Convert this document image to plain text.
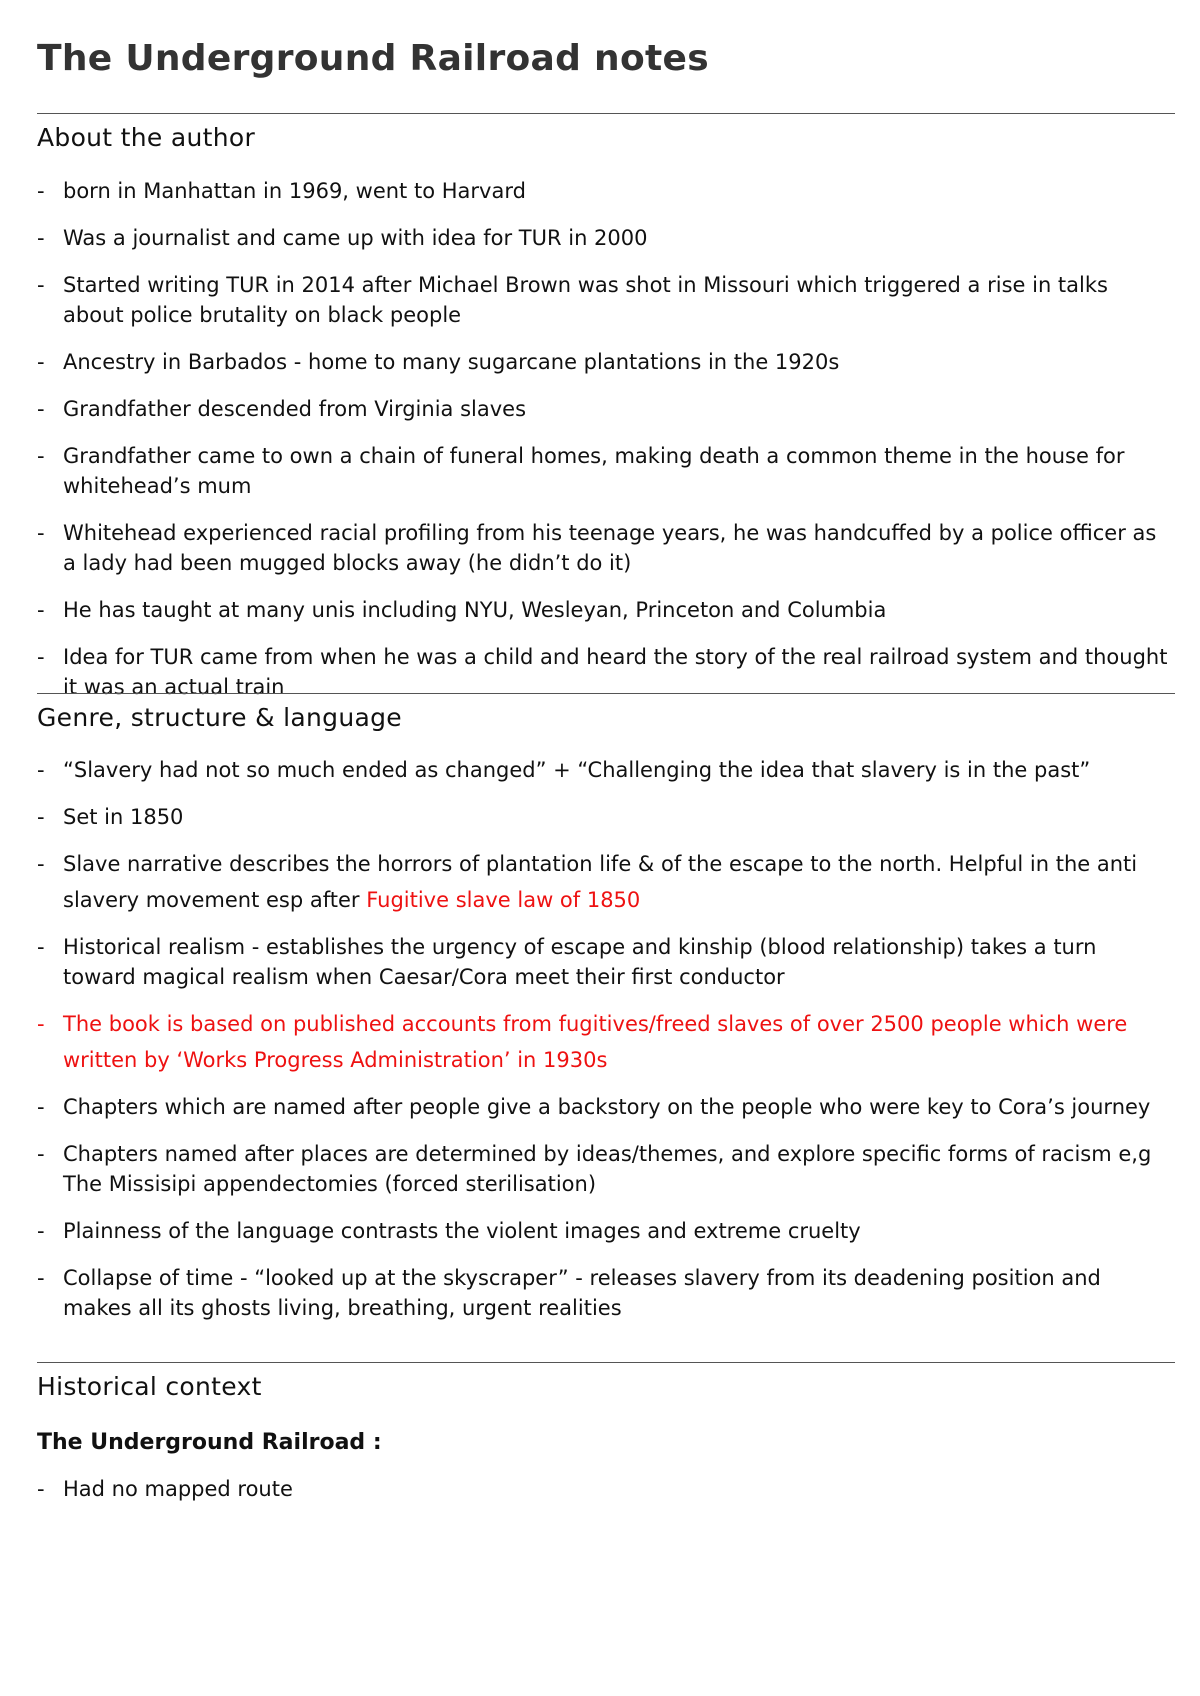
The Underground Railroad notes
About the author
- born in Manhattan in 1969, went to Harvard
- Was a journalist and came up with idea for TUR in 2000
- Started writing TUR in 2014 after Michael Brown was shot in Missouri which triggered a rise in talks about police brutality on black people
- Ancestry in Barbados - home to many sugarcane plantations in the 1920s
- Grandfather descended from Virginia slaves
- Grandfather came to own a chain of funeral homes, making death a common theme in the house for whitehead’s mum
- Whitehead experienced racial profiling from his teenage years, he was handcuffed by a police officer as a lady had been mugged blocks away (he didn’t do it)
- He has taught at many unis including NYU, Wesleyan, Princeton and Columbia
- Idea for TUR came from when he was a child and heard the story of the real railroad system and thought it was an actual train
Genre, structure & language
- “Slavery had not so much ended as changed” + “Challenging the idea that slavery is in the past”
- Set in 1850
- Slave narrative describes the horrors of plantation life & of the escape to the north. Helpful in the anti slavery movement esp after Fugitive slave law of 1850
- Historical realism - establishes the urgency of escape and kinship (blood relationship) takes a turn toward magical realism when Caesar/Cora meet their first conductor
- The book is based on published accounts from fugitives/freed slaves of over 2500 people which were written by ‘Works Progress Administration’ in 1930s
- Chapters which are named after people give a backstory on the people who were key to Cora’s journey
- Chapters named after places are determined by ideas/themes, and explore specific forms of racism e,g The Missisipi appendectomies (forced sterilisation)
- Plainness of the language contrasts the violent images and extreme cruelty
- Collapse of time - “looked up at the skyscraper” - releases slavery from its deadening position and makes all its ghosts living, breathing, urgent realities
Historical context
The Underground Railroad :
- Had no mapped route
